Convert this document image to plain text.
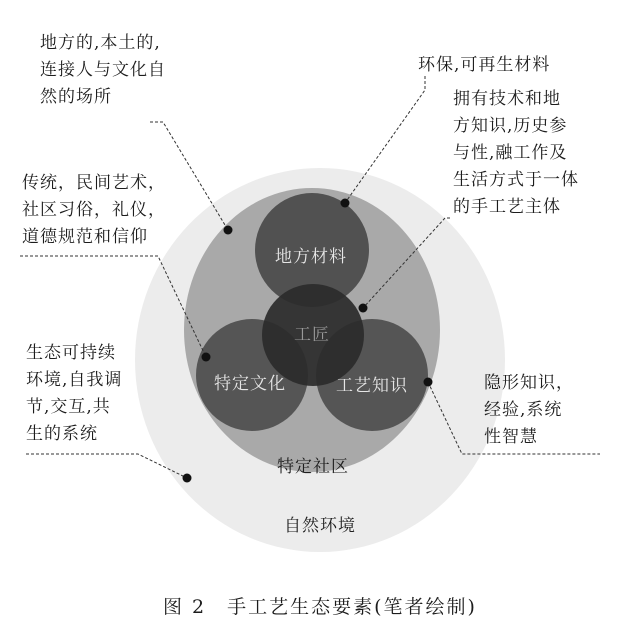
地方材料
工匠
特定文化	工艺知识
特定社区
自然环境
地方的,本土的,
连接人与文化自
然的场所
环保,可再生材料
拥有技术和地
方知识,历史参
与性,融工作及
生活方式于一体
的手工艺主体
传统，民间艺术，
社区习俗，礼仪，
道德规范和信仰
生态可持续
环境,自我调
节,交互,共
生的系统
隐形知识，
经验,系统
性智慧
图 2　手工艺生态要素(笔者绘制)
